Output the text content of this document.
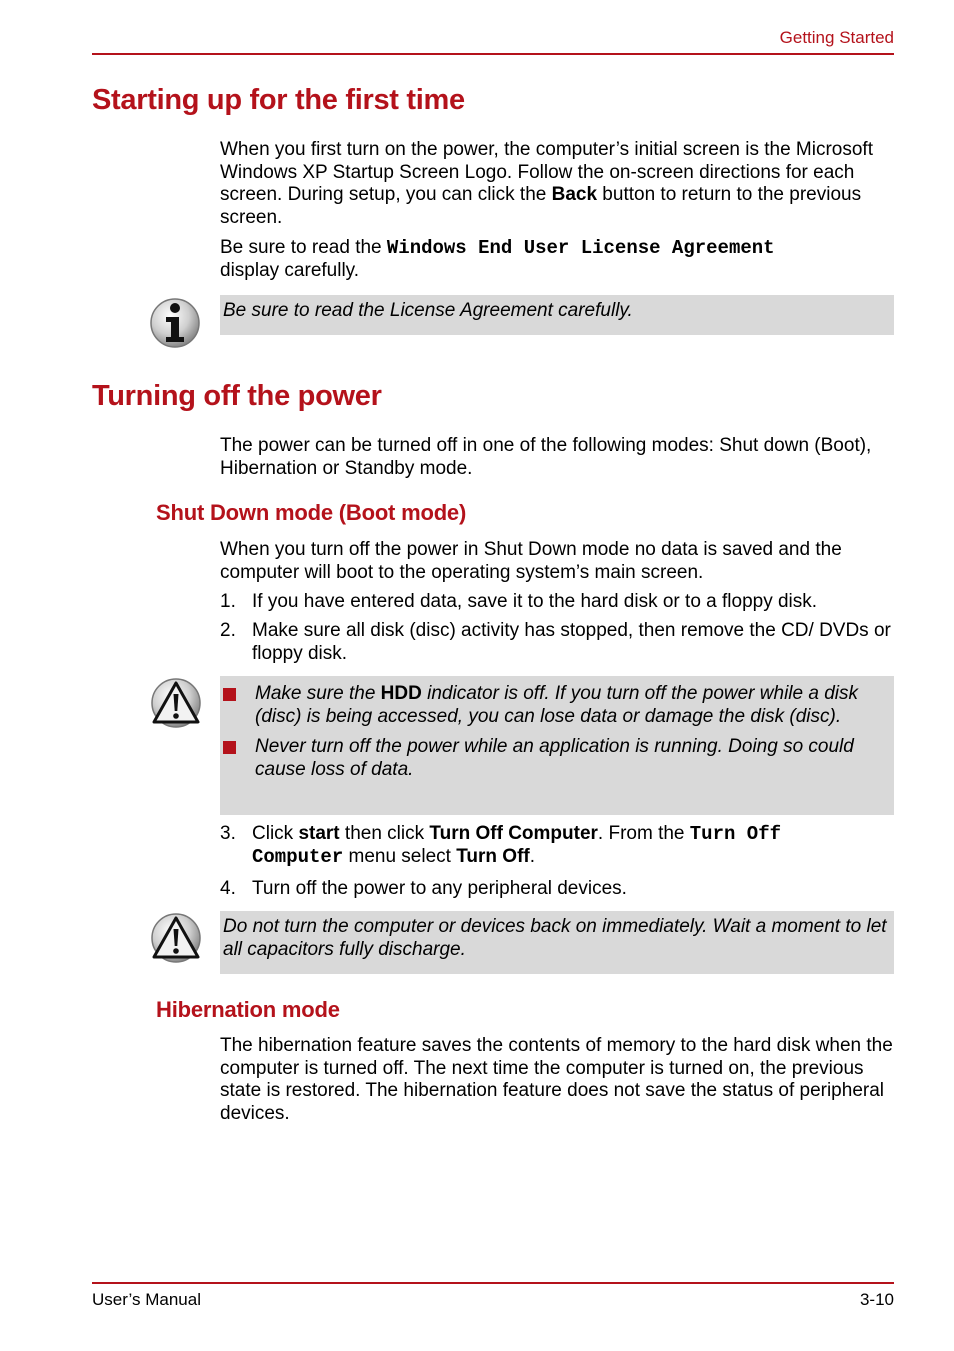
Getting Started
Starting up for the first time

When you first turn on the power, the computer’s initial screen is the Microsoft Windows XP Startup Screen Logo. Follow the on-screen directions for each screen. During setup, you can click the Back button to return to the previous screen.

Be sure to read the Windows End User License Agreement
display carefully.

Be sure to read the License Agreement carefully.
Turning off the power
The power can be turned off in one of the following modes: Shut down (Boot), Hibernation or Standby mode.
Shut Down mode (Boot mode)
When you turn off the power in Shut Down mode no data is saved and the computer will boot to the operating system’s main screen.
1. If you have entered data, save it to the hard disk or to a floppy disk.
2. Make sure all disk (disc) activity has stopped, then remove the CD/ DVDs or floppy disk.
Make sure the HDD indicator is off. If you turn off the power while a disk (disc) is being accessed, you can lose data or damage the disk (disc).
Never turn off the power while an application is running. Doing so could cause loss of data.
3. Click start then click Turn Off Computer. From the Turn Off
Computer menu select Turn Off.
4. Turn off the power to any peripheral devices.
Do not turn the computer or devices back on immediately. Wait a moment to let all capacitors fully discharge.
Hibernation mode
The hibernation feature saves the contents of memory to the hard disk when the computer is turned off. The next time the computer is turned on, the previous state is restored. The hibernation feature does not save the status of peripheral devices.
User’s Manual	3-10
